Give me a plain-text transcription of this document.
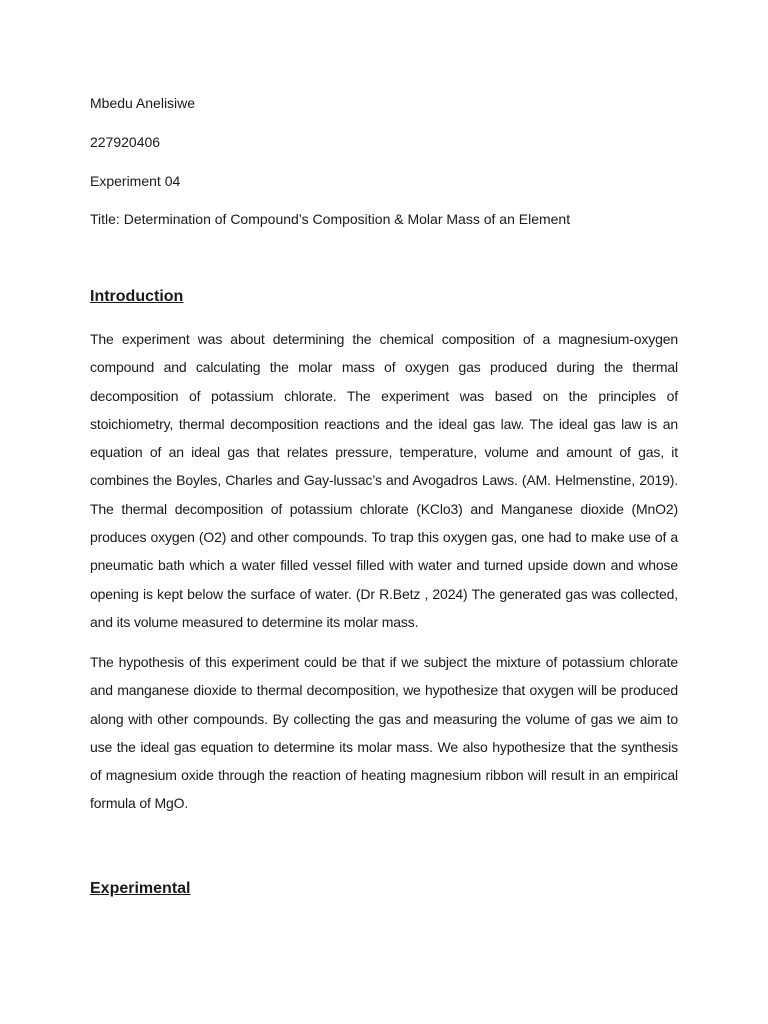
Mbedu Anelisiwe
227920406
Experiment 04
Title: Determination of Compound’s Composition & Molar Mass of an Element
Introduction

The experiment was about determining the chemical composition of a magnesium-oxygen compound and calculating the molar mass of oxygen gas produced during the thermal decomposition of potassium chlorate. The experiment was based on the principles of stoichiometry, thermal decomposition reactions and the ideal gas law. The ideal gas law is an equation of an ideal gas that relates pressure, temperature, volume and amount of gas, it combines the Boyles, Charles and Gay-lussac’s and Avogadros Laws. (AM. Helmenstine, 2019). The thermal decomposition of potassium chlorate (KClo3) and Manganese dioxide (MnO2) produces oxygen (O2) and other compounds. To trap this oxygen gas, one had to make use of a pneumatic bath which a water filled vessel filled with water and turned upside down and whose opening is kept below the surface of water. (Dr R.Betz , 2024) The generated gas was collected, and its volume measured to determine its molar mass.

The hypothesis of this experiment could be that if we subject the mixture of potassium chlorate and manganese dioxide to thermal decomposition, we hypothesize that oxygen will be produced along with other compounds. By collecting the gas and measuring the volume of gas we aim to use the ideal gas equation to determine its molar mass. We also hypothesize that the synthesis of magnesium oxide through the reaction of heating magnesium ribbon will result in an empirical formula of MgO.

Experimental
